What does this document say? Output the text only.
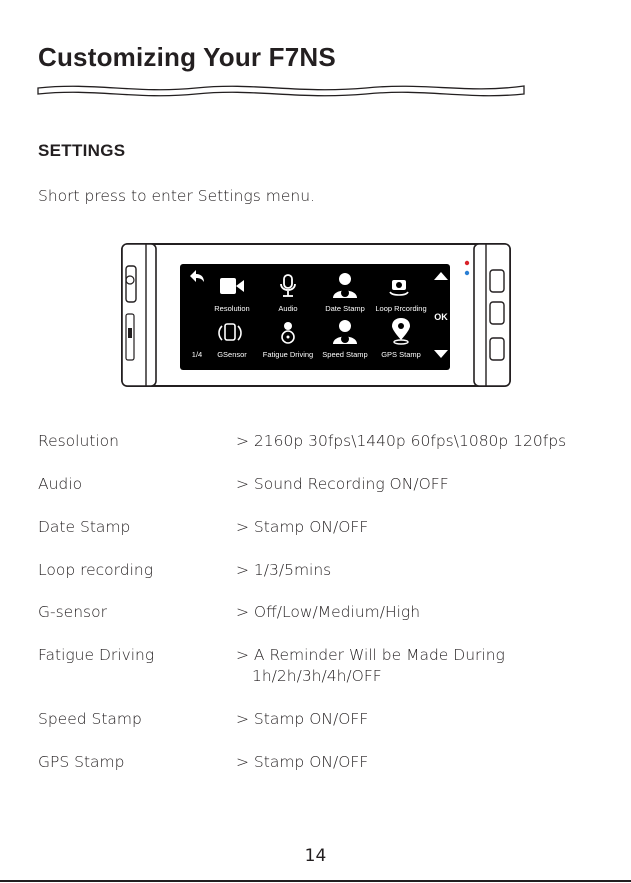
Customizing Your F7NS
SETTINGS
Short press to enter Settings menu.
Resolution	Audio	Date Stamp Loop Rrcording
1/4 GSensor Fatigue Driving Speed Stamp GPS Stamp
OK
Resolution	> 2160p 30fps\1440p 60fps\1080p 120fps
Audio	> Sound Recording ON/OFF
Date Stamp	> Stamp ON/OFF
Loop recording	> 1/3/5mins
G-sensor	> Off/Low/Medium/High
Fatigue Driving	> A Reminder Will be Made During
1h/2h/3h/4h/OFF
Speed Stamp	> Stamp ON/OFF
GPS Stamp	> Stamp ON/OFF
14
